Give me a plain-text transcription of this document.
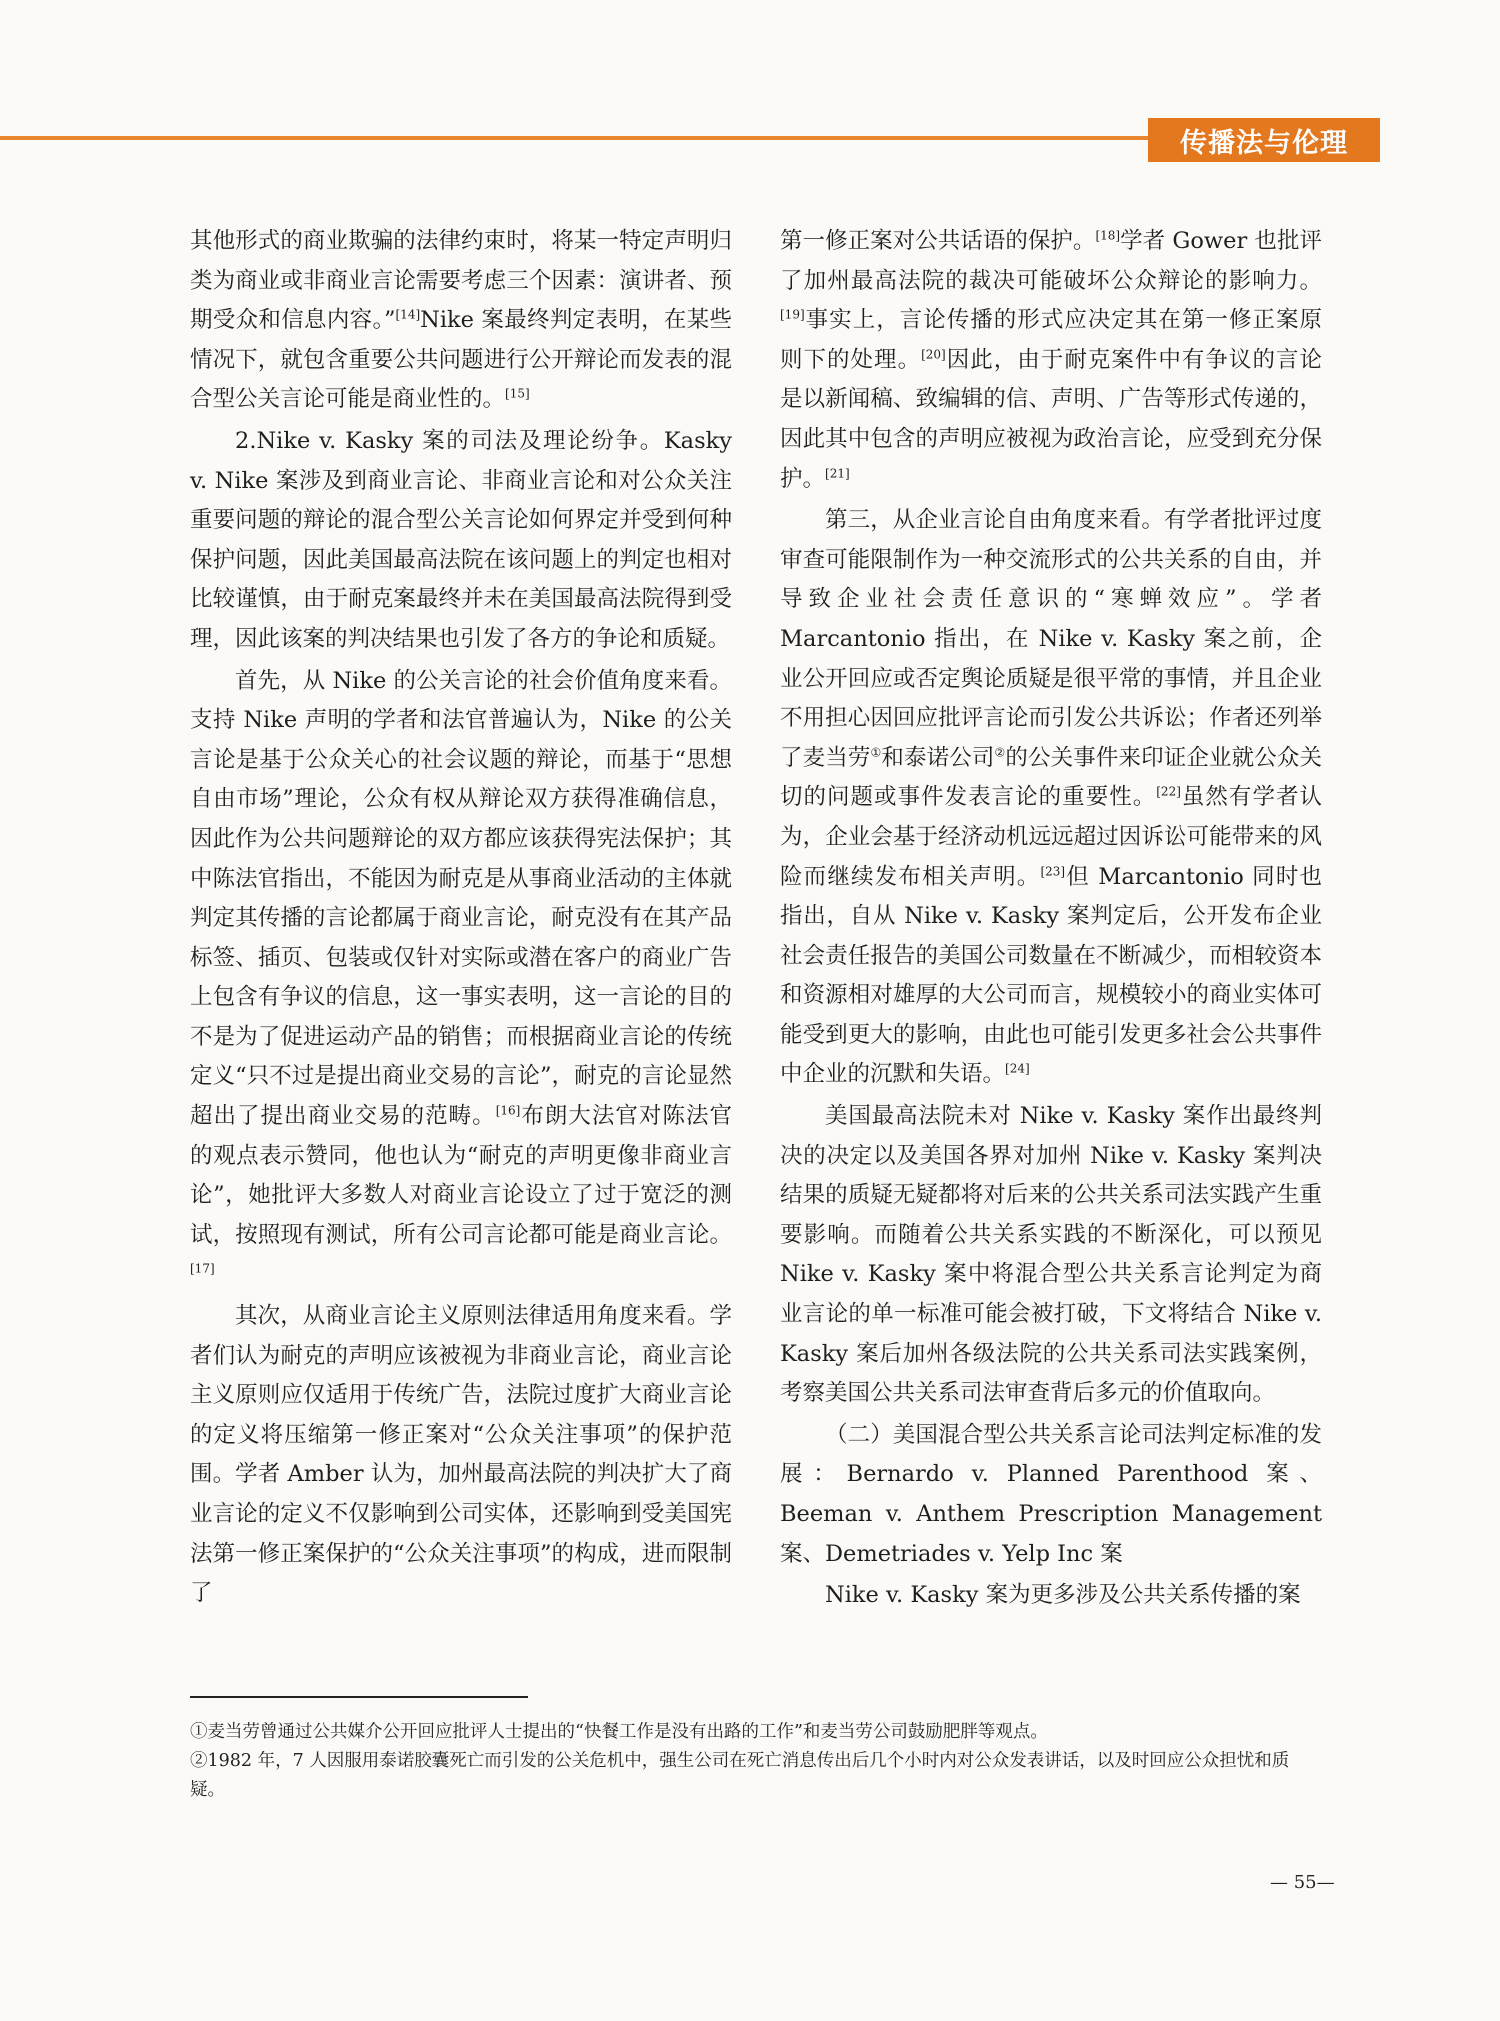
传播法与伦理

其他形式的商业欺骗的法律约束时，将某一特定声明归类为商业或非商业言论需要考虑三个因素：演讲者、预期受众和信息内容。”[14]Nike 案最终判定表明，在某些情况下，就包含重要公共问题进行公开辩论而发表的混合型公关言论可能是商业性的。[15]

2.Nike v. Kasky 案的司法及理论纷争。Kasky v. Nike 案涉及到商业言论、非商业言论和对公众关注重要问题的辩论的混合型公关言论如何界定并受到何种保护问题，因此美国最高法院在该问题上的判定也相对比较谨慎，由于耐克案最终并未在美国最高法院得到受理，因此该案的判决结果也引发了各方的争论和质疑。

首先，从 Nike 的公关言论的社会价值角度来看。支持 Nike 声明的学者和法官普遍认为，Nike 的公关言论是基于公众关心的社会议题的辩论，而基于“思想自由市场”理论，公众有权从辩论双方获得准确信息，因此作为公共问题辩论的双方都应该获得宪法保护；其中陈法官指出，不能因为耐克是从事商业活动的主体就判定其传播的言论都属于商业言论，耐克没有在其产品标签、插页、包装或仅针对实际或潜在客户的商业广告上包含有争议的信息，这一事实表明，这一言论的目的不是为了促进运动产品的销售；而根据商业言论的传统定义“只不过是提出商业交易的言论”，耐克的言论显然超出了提出商业交易的范畴。[16]布朗大法官对陈法官的观点表示赞同，他也认为“耐克的声明更像非商业言论”，她批评大多数人对商业言论设立了过于宽泛的测试，按照现有测试，所有公司言论都可能是商业言论。[17]

其次，从商业言论主义原则法律适用角度来看。学者们认为耐克的声明应该被视为非商业言论，商业言论主义原则应仅适用于传统广告，法院过度扩大商业言论的定义将压缩第一修正案对“公众关注事项”的保护范围。学者 Amber 认为，加州最高法院的判决扩大了商业言论的定义不仅影响到公司实体，还影响到受美国宪法第一修正案保护的“公众关注事项”的构成，进而限制了

第一修正案对公共话语的保护。[18]学者 Gower 也批评了加州最高法院的裁决可能破坏公众辩论的影响力。[19]事实上，言论传播的形式应决定其在第一修正案原则下的处理。[20]因此，由于耐克案件中有争议的言论是以新闻稿、致编辑的信、声明、广告等形式传递的，因此其中包含的声明应被视为政治言论，应受到充分保护。[21]

第三，从企业言论自由角度来看。有学者批评过度审查可能限制作为一种交流形式的公共关系的自由，并导致企业社会责任意识的“寒蝉效应”。学者 Marcantonio 指出，在 Nike v. Kasky 案之前，企业公开回应或否定舆论质疑是很平常的事情，并且企业不用担心因回应批评言论而引发公共诉讼；作者还列举了麦当劳①和泰诺公司②的公关事件来印证企业就公众关切的问题或事件发表言论的重要性。[22]虽然有学者认为，企业会基于经济动机远远超过因诉讼可能带来的风险而继续发布相关声明。[23]但 Marcantonio 同时也指出，自从 Nike v. Kasky 案判定后，公开发布企业社会责任报告的美国公司数量在不断减少，而相较资本和资源相对雄厚的大公司而言，规模较小的商业实体可能受到更大的影响，由此也可能引发更多社会公共事件中企业的沉默和失语。[24]

美国最高法院未对 Nike v. Kasky 案作出最终判决的决定以及美国各界对加州 Nike v. Kasky 案判决结果的质疑无疑都将对后来的公共关系司法实践产生重要影响。而随着公共关系实践的不断深化，可以预见 Nike v. Kasky 案中将混合型公共关系言论判定为商业言论的单一标准可能会被打破，下文将结合 Nike v. Kasky 案后加州各级法院的公共关系司法实践案例，考察美国公共关系司法审查背后多元的价值取向。

（二）美国混合型公共关系言论司法判定标准的发展：Bernardo v. Planned Parenthood 案、Beeman v. Anthem Prescription Management 案、Demetriades v. Yelp Inc 案

Nike v. Kasky 案为更多涉及公共关系传播的案

①麦当劳曾通过公共媒介公开回应批评人士提出的“快餐工作是没有出路的工作”和麦当劳公司鼓励肥胖等观点。

②1982 年，7 人因服用泰诺胶囊死亡而引发的公关危机中，强生公司在死亡消息传出后几个小时内对公众发表讲话，以及时回应公众担忧和质疑。

— 55—
